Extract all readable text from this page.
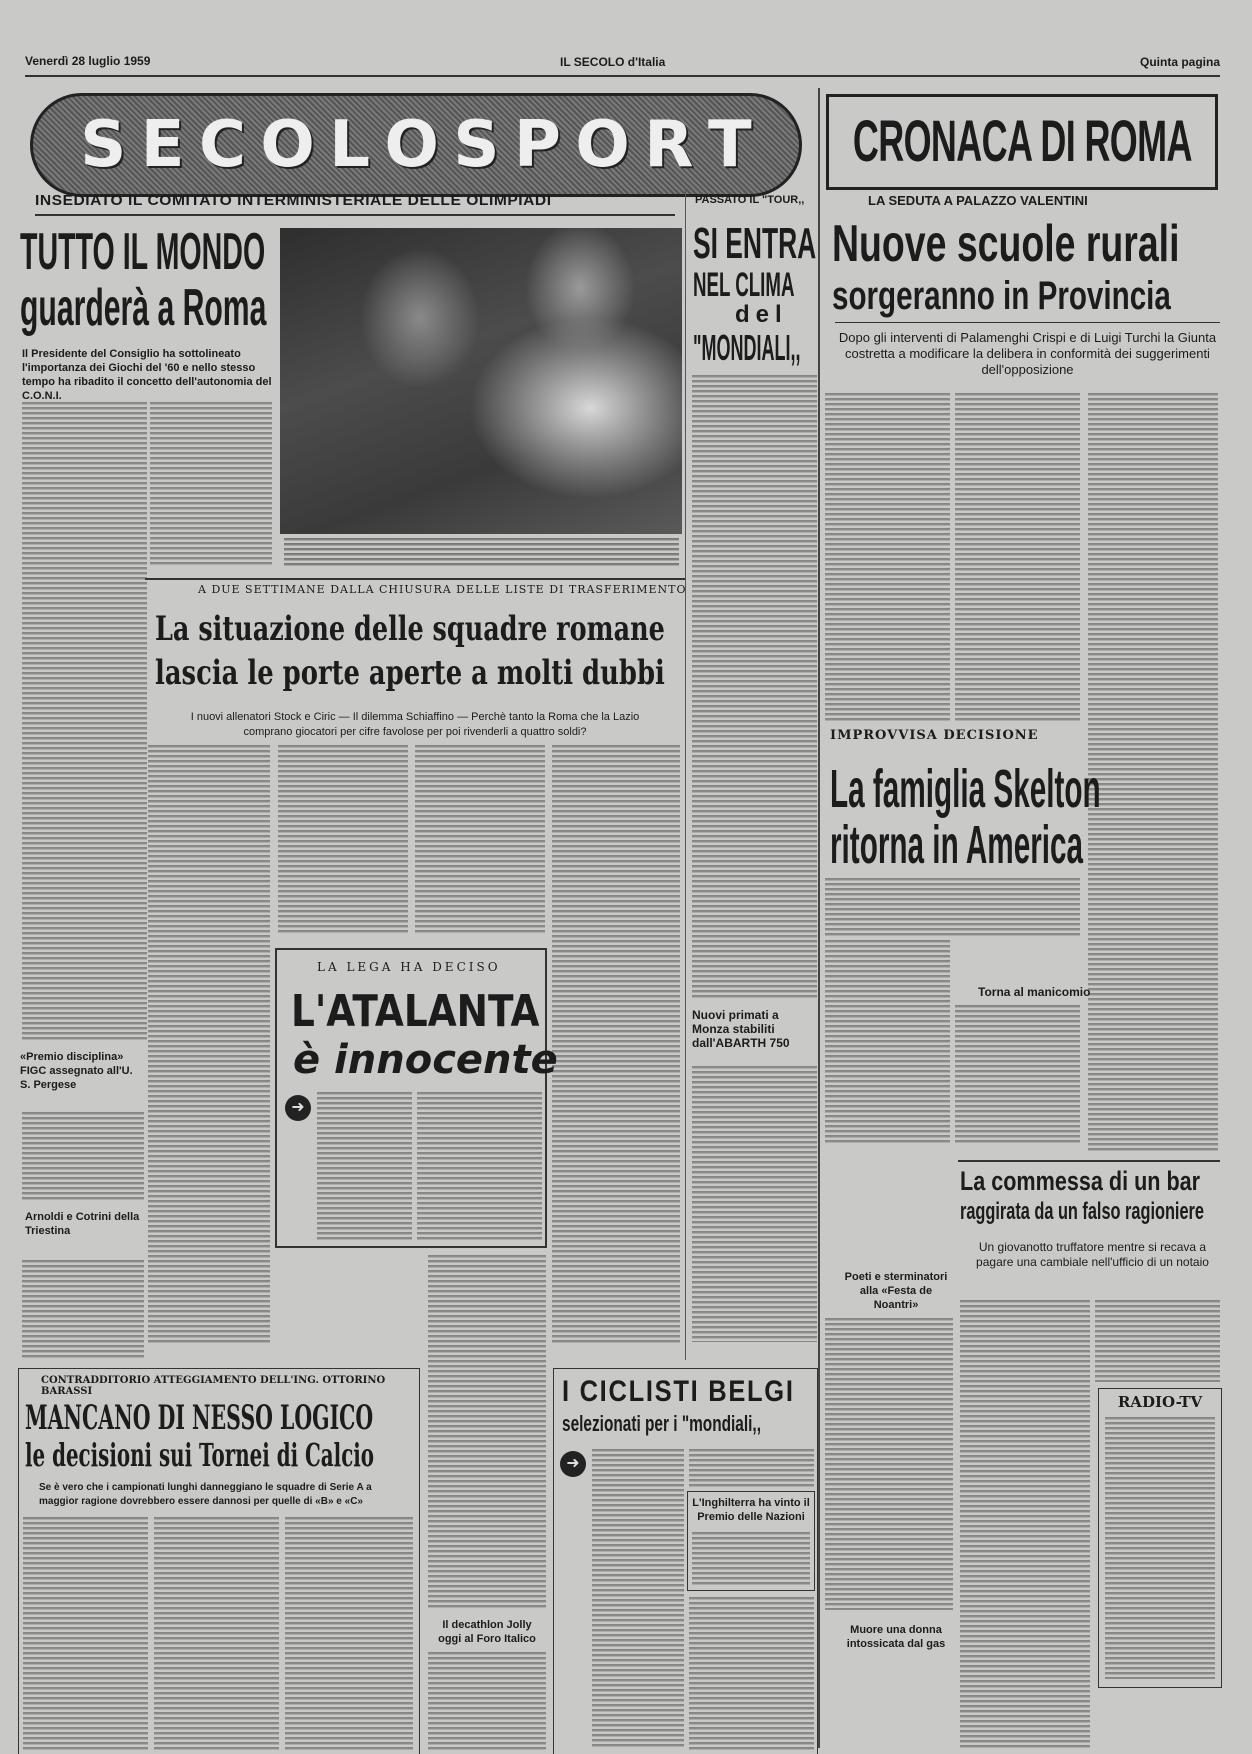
Venerdì 28 luglio 1959	IL SECOLO d'Italia	Quinta pagina
S E C O L O S P O R T CRONACA DI ROMA
INSEDIATO IL COMITATO INTERMINISTERIALE DELLE OLIMPIADI
TUTTO IL MONDO
guarderà a Roma
Il Presidente del Consiglio ha sottolineato l'importanza dei Giochi del '60 e nello stesso tempo ha ribadito il concetto dell'autonomia del C.O.N.I.
PASSATO IL "TOUR,,
SI ENTRA
NEL CLIMA
del
"MONDIALI,,
Nuovi primati a Monza stabiliti dall'ABARTH 750
LA SEDUTA A PALAZZO VALENTINI
Nuove scuole rurali
sorgeranno in Provincia
Dopo gli interventi di Palamenghi Crispi e di Luigi Turchi la Giunta costretta a modificare la delibera in conformità dei suggerimenti dell'opposizione
IMPROVVISA DECISIONE
La famiglia Skelton
ritorna in America
Torna al manicomio
La commessa di un bar
raggirata da un falso ragioniere
Un giovanotto truffatore mentre si recava a pagare una cambiale nell'ufficio di un notaio
Poeti e sterminatori alla «Festa de Noantri»
Muore una donna intossicata dal gas
RADIO-TV
A DUE SETTIMANE DALLA CHIUSURA DELLE LISTE DI TRASFERIMENTO
La situazione delle squadre romane
lascia le porte aperte a molti dubbi
I nuovi allenatori Stock e Ciric — Il dilemma Schiaffino — Perchè tanto la Roma che la Lazio comprano giocatori per cifre favolose per poi rivenderli a quattro soldi?
LA LEGA HA DECISO
L'ATALANTA
è innocente
➜
«Premio disciplina» FIGC assegnato all'U. S. Pergese
Arnoldi e Cotrini della Triestina
CONTRADDITORIO ATTEGGIAMENTO DELL'ING. OTTORINO BARASSI
MANCANO DI NESSO LOGICO
le decisioni sui Tornei di Calcio
Se è vero che i campionati lunghi danneggiano le squadre di Serie A a maggior ragione dovrebbero essere dannosi per quelle di «B» e «C»
Il decathlon Jolly oggi al Foro Italico
I CICLISTI BELGI
selezionati per i "mondiali,,
➜
L'Inghilterra ha vinto il Premio delle Nazioni
